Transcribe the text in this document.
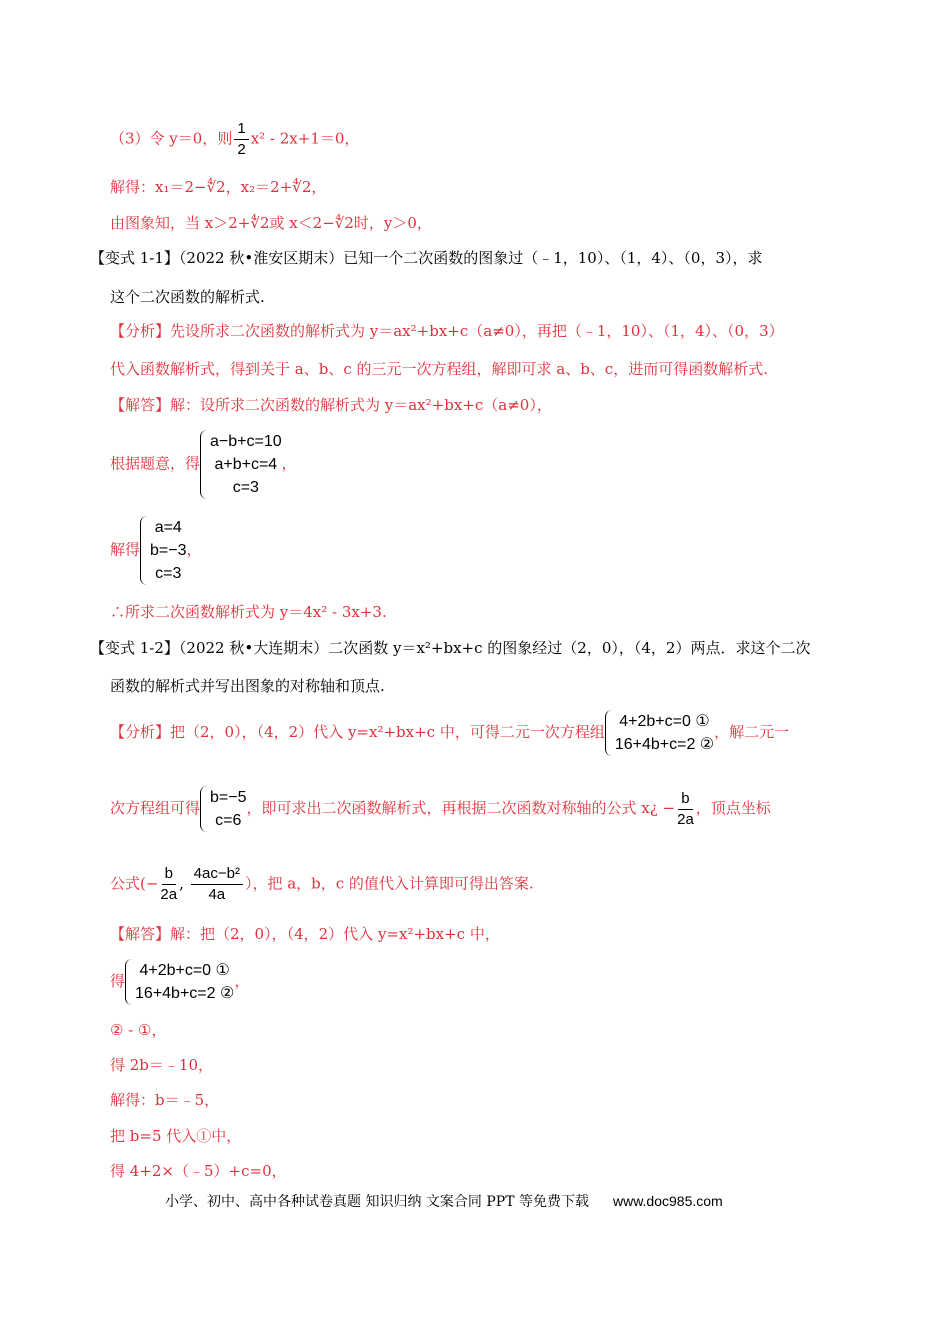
（3）令 y＝0，则 $\frac{1}{2} x^2 - 2x+1=0$，
解得：x₁＝2−∜2，x₂＝2+∜2，
由图象知，当 x＞2+∜2或 x＜2−∜2时，y＞0，
【变式 1-1】（2022 秋•淮安区期末）已知一个二次函数的图象过（﹣1，10）、（1，4）、（0，3），求
这个二次函数的解析式.
【分析】先设所求二次函数的解析式为 y＝ax²+bx+c（a≠0），再把（﹣1，10）、（1，4）、（0，3）
代入函数解析式，得到关于 a、b、c 的三元一次方程组，解即可求 a、b、c，进而可得函数解析式.
【解答】解：设所求二次函数的解析式为 y＝ax²+bx+c（a≠0），
根据题意，得
a−b+c=10
a+b+c=4
c=3
，
解得
a=4
b=−3
c=3
，
∴所求二次函数解析式为 y＝4x² - 3x+3.
【变式 1-2】（2022 秋•大连期末）二次函数 y＝x²+bx+c 的图象经过（2，0），（4，2）两点．求这个二次
函数的解析式并写出图象的对称轴和顶点.
【分析】把（2，0），（4，2）代入 y=x²+bx+c 中，可得二元一次方程组
4+2b+c=0 ①
16+4b+c=2 ②
，解二元一
次方程组可得
b=−5
c=6
，即可求出二次函数解析式，再根据二次函数对称轴的公式 x¿ − $\frac{b}{2a}$ ，顶点坐标
公式(− $\frac{b}{2a}$ , $\frac{\text{4ac−b²}}{4a}$ ），把 a，b，c 的值代入计算即可得出答案.
【解答】解：把（2，0），（4，2）代入 y=x²+bx+c 中，
得
4+2b+c=0 ①
16+4b+c=2 ②
，
② - ①，
得 2b＝﹣10，
解得：b＝﹣5，
把 b=5 代入①中，
得 4+2×（﹣5）+c=0，
小学、初中、高中各种试卷真题 知识归纳 文案合同 PPT 等免费下载 www.doc985.com
